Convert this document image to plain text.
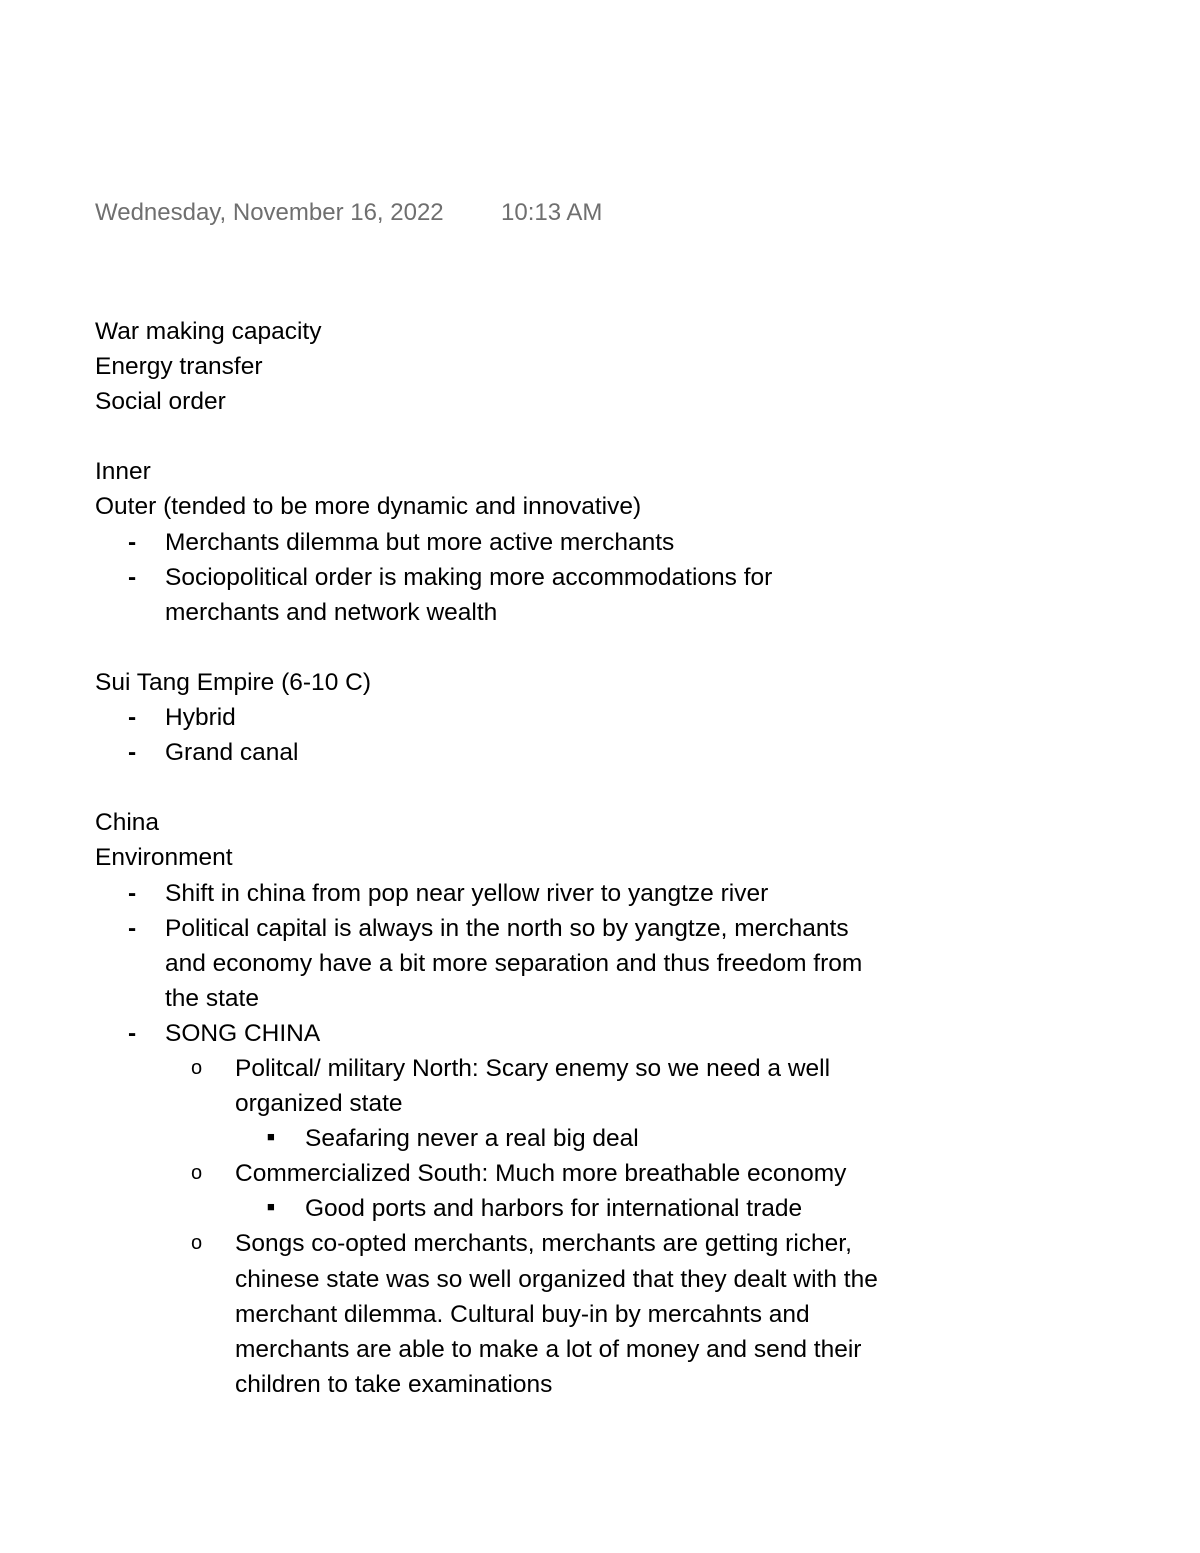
Wednesday, November 16, 2022 10:13 AM
War making capacity
Energy transfer
Social order
Inner
Outer (tended to be more dynamic and innovative)
-	Merchants dilemma but more active merchants
-	Sociopolitical order is making more accommodations for merchants and network wealth
Sui Tang Empire (6-10 C)
-	Hybrid
-	Grand canal
China
Environment
-	Shift in china from pop near yellow river to yangtze river
-	Political capital is always in the north so by yangtze, merchants and economy have a bit more separation and thus freedom from the state
-	SONG CHINA
o	Politcal/ military North: Scary enemy so we need a well organized state
■	Seafaring never a real big deal
o	Commercialized South: Much more breathable economy
■	Good ports and harbors for international trade
o	Songs co-opted merchants, merchants are getting richer, chinese state was so well organized that they dealt with the merchant dilemma. Cultural buy-in by mercahnts and merchants are able to make a lot of money and send their children to take examinations
